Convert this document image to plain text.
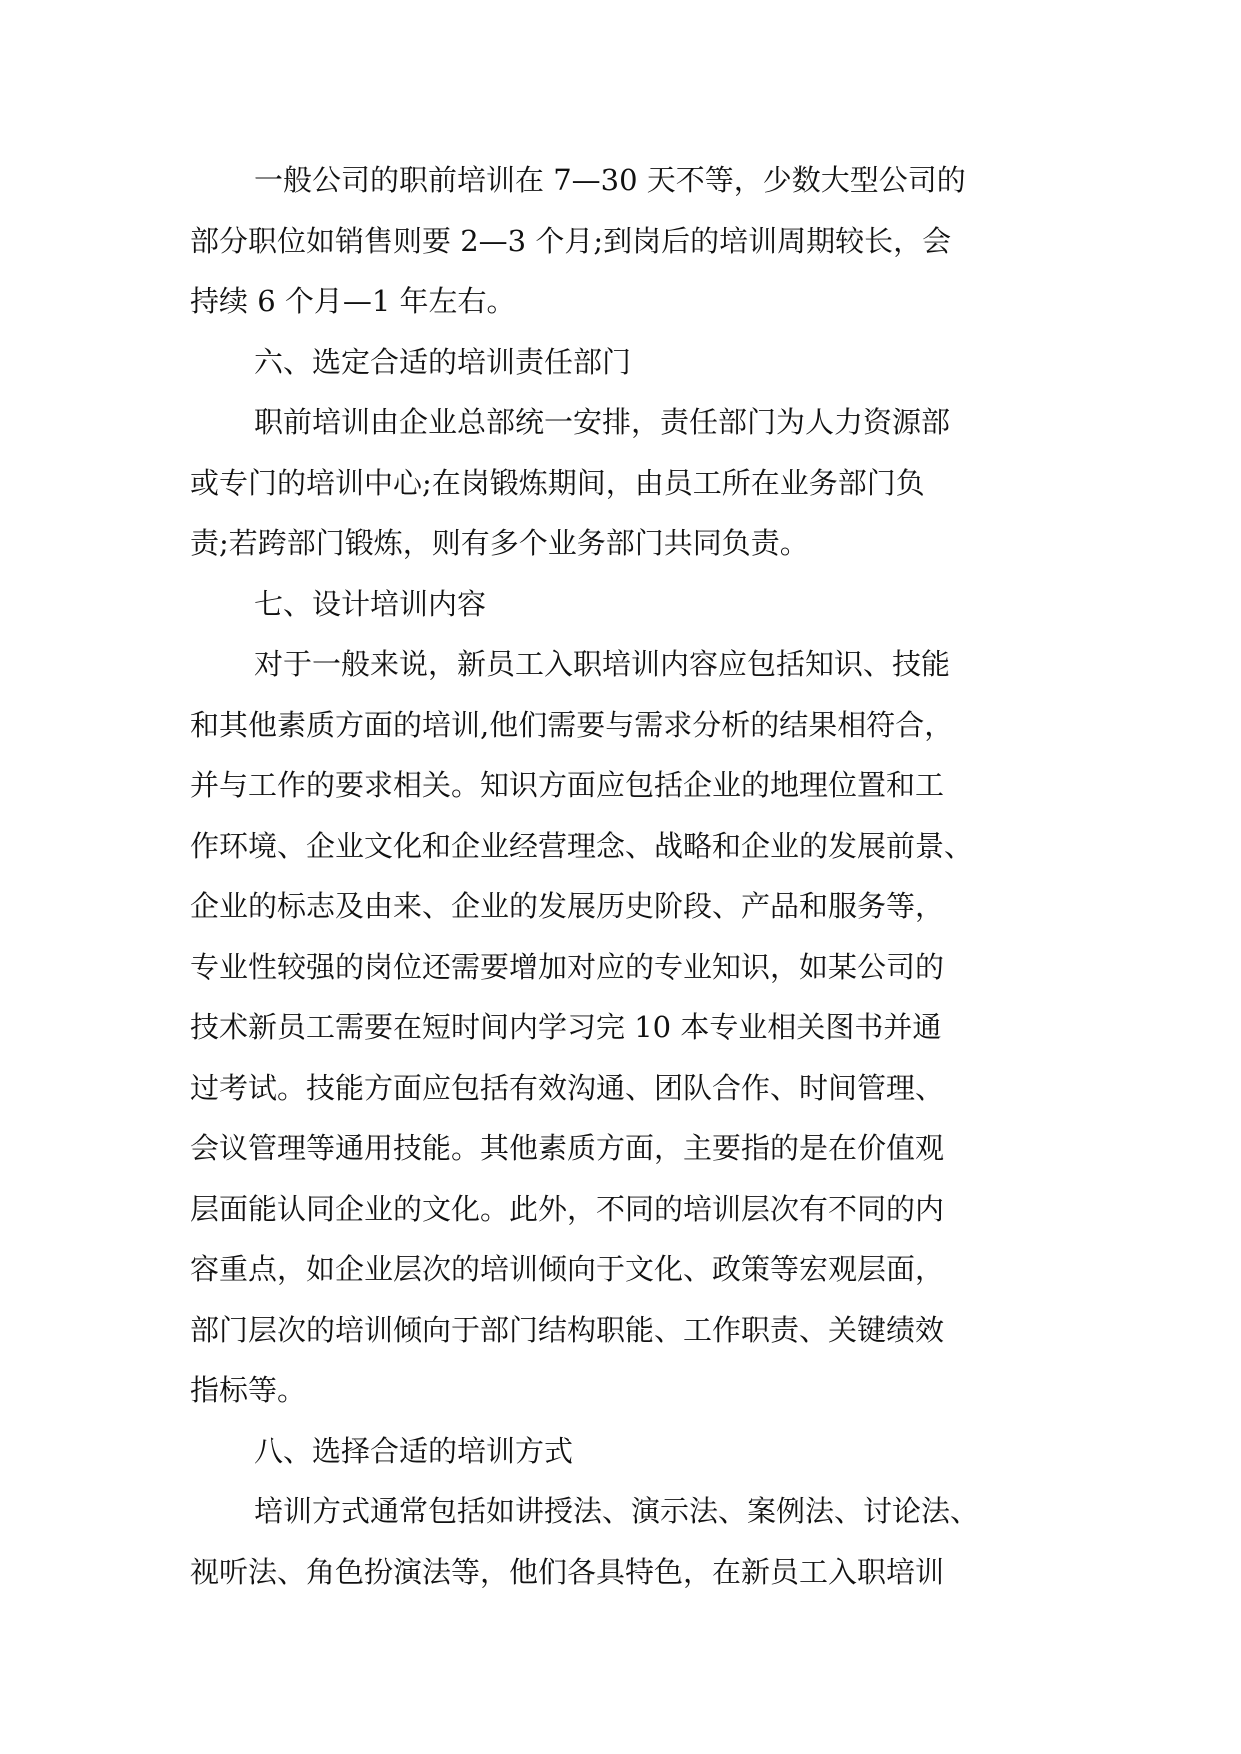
一般公司的职前培训在 7—30 天不等，少数大型公司的
部分职位如销售则要 2—3 个月;到岗后的培训周期较长，会
持续 6 个月—1 年左右。
六、选定合适的培训责任部门
职前培训由企业总部统一安排，责任部门为人力资源部
或专门的培训中心;在岗锻炼期间，由员工所在业务部门负
责;若跨部门锻炼，则有多个业务部门共同负责。
七、设计培训内容
对于一般来说，新员工入职培训内容应包括知识、技能
和其他素质方面的培训,他们需要与需求分析的结果相符合，
并与工作的要求相关。知识方面应包括企业的地理位置和工
作环境、企业文化和企业经营理念、战略和企业的发展前景、
企业的标志及由来、企业的发展历史阶段、产品和服务等，
专业性较强的岗位还需要增加对应的专业知识，如某公司的
技术新员工需要在短时间内学习完 10 本专业相关图书并通
过考试。技能方面应包括有效沟通、团队合作、时间管理、
会议管理等通用技能。其他素质方面，主要指的是在价值观
层面能认同企业的文化。此外，不同的培训层次有不同的内
容重点，如企业层次的培训倾向于文化、政策等宏观层面，
部门层次的培训倾向于部门结构职能、工作职责、关键绩效
指标等。
八、选择合适的培训方式
培训方式通常包括如讲授法、演示法、案例法、讨论法、
视听法、角色扮演法等，他们各具特色，在新员工入职培训
